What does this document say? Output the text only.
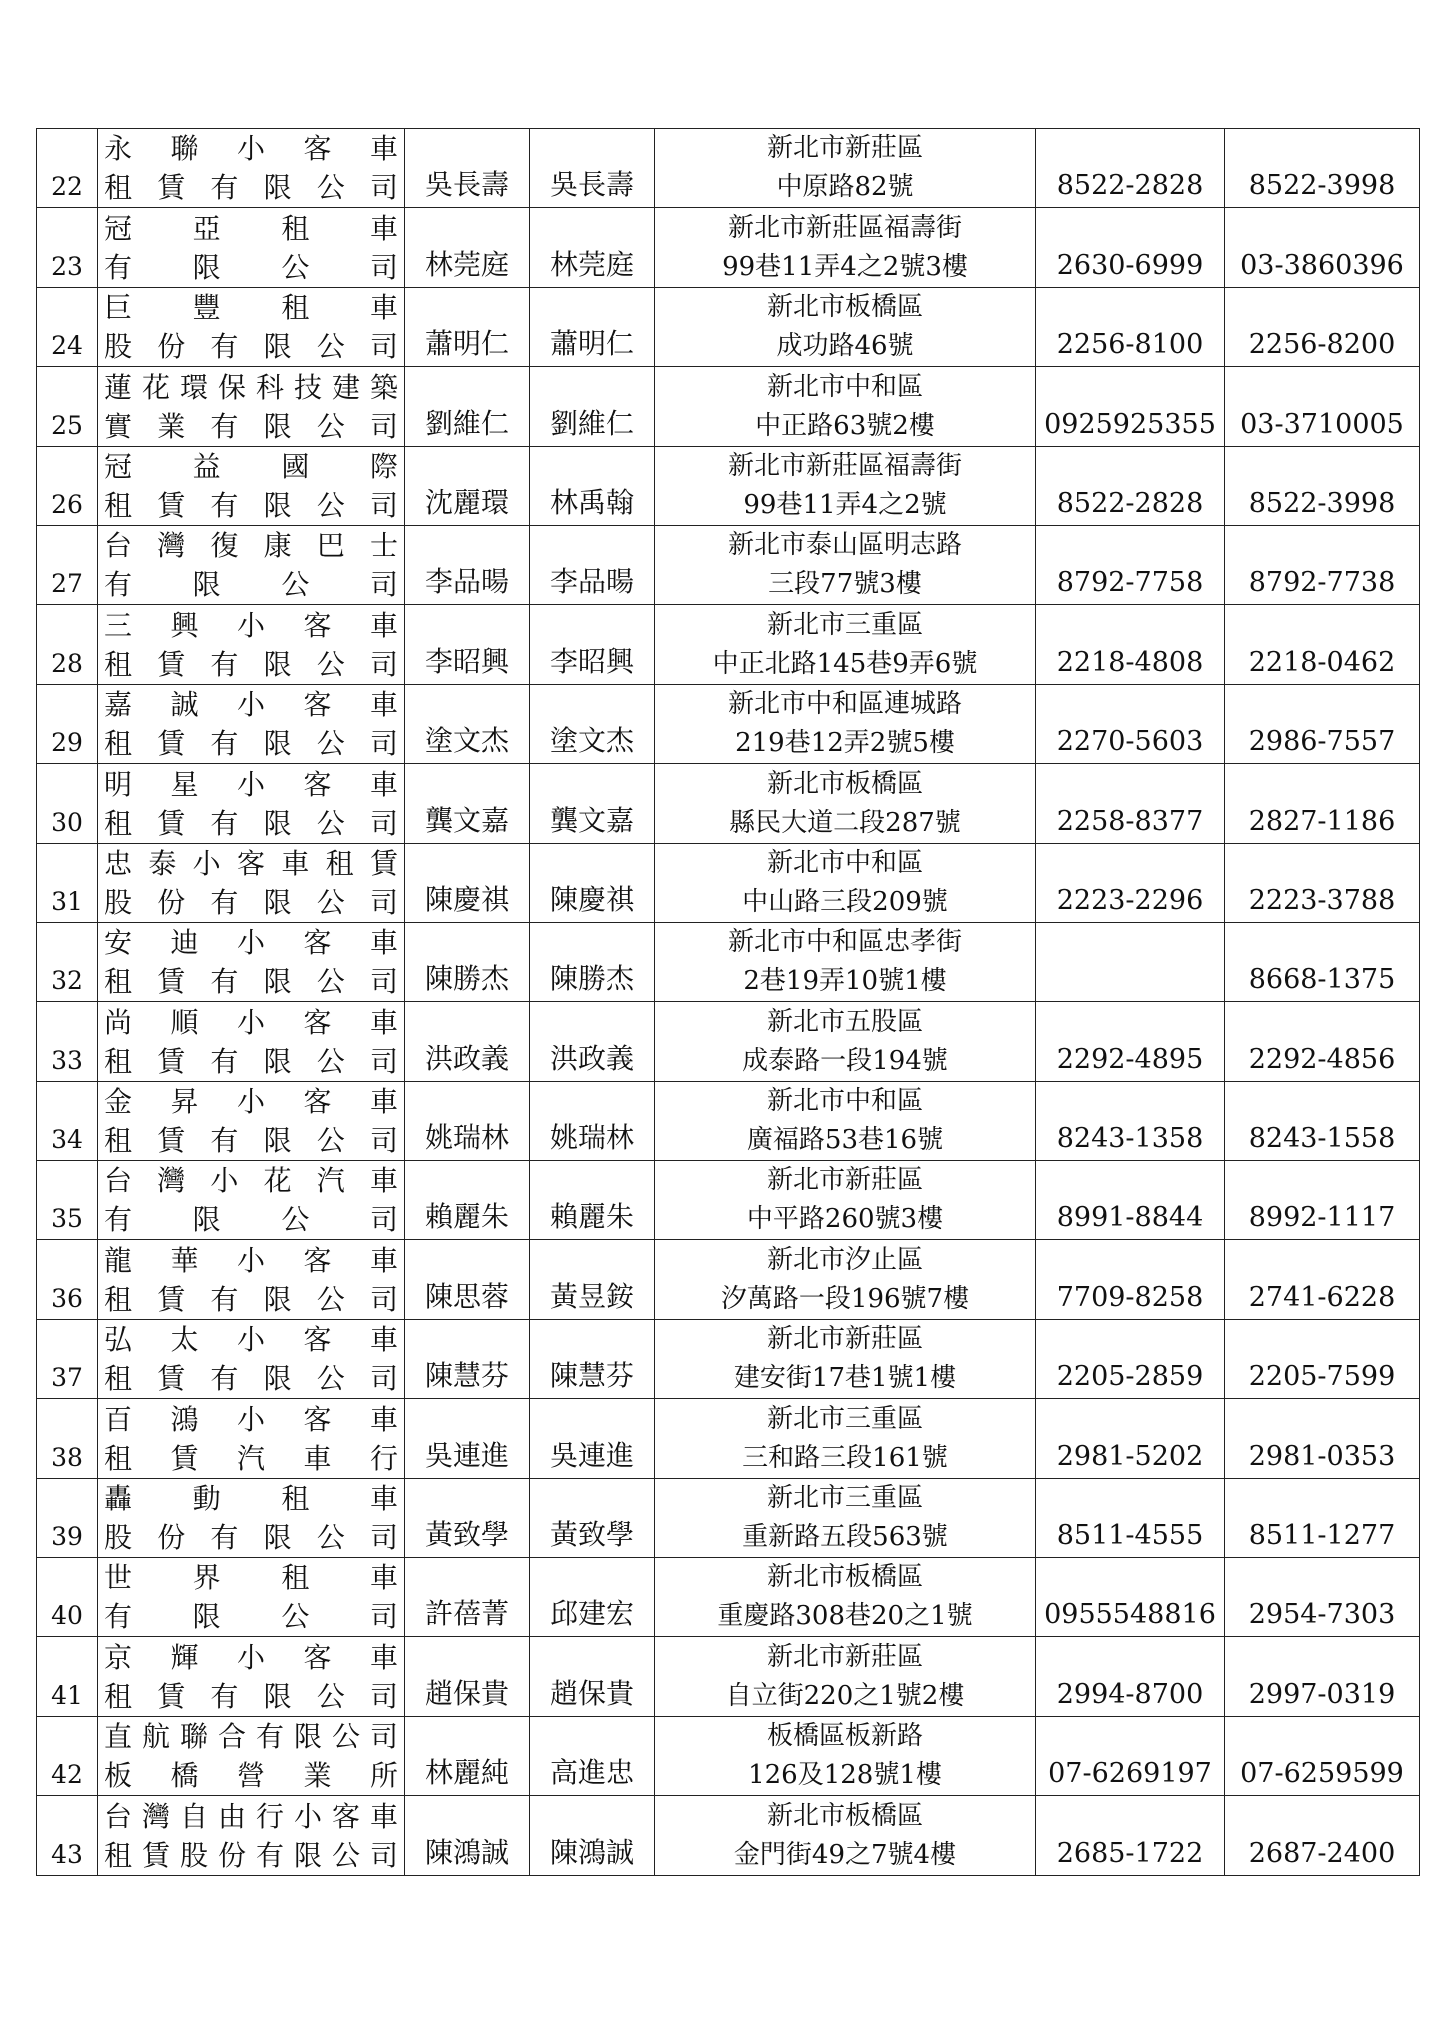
22	永聯小客車
租賃有限公司	吳長壽	吳長壽	新北市新莊區
中原路82號	8522-2828	8522-3998
23	冠亞租車
有限公司	林莞庭	林莞庭	新北市新莊區福壽街
99巷11弄4之2號3樓	2630-6999	03-3860396
24	巨豐租車
股份有限公司	蕭明仁	蕭明仁	新北市板橋區
成功路46號	2256-8100	2256-8200
25	蓮花環保科技建築
實業有限公司	劉維仁	劉維仁	新北市中和區
中正路63號2樓	0925925355	03-3710005
26	冠益國際
租賃有限公司	沈麗環	林禹翰	新北市新莊區福壽街
99巷11弄4之2號	8522-2828	8522-3998
27	台灣復康巴士
有限公司	李品暘	李品暘	新北市泰山區明志路
三段77號3樓	8792-7758	8792-7738
28	三興小客車
租賃有限公司	李昭興	李昭興	新北市三重區
中正北路145巷9弄6號	2218-4808	2218-0462
29	嘉誠小客車
租賃有限公司	塗文杰	塗文杰	新北市中和區連城路
219巷12弄2號5樓	2270-5603	2986-7557
30	明星小客車
租賃有限公司	龔文嘉	龔文嘉	新北市板橋區
縣民大道二段287號	2258-8377	2827-1186
31	忠泰小客車租賃
股份有限公司	陳慶祺	陳慶祺	新北市中和區
中山路三段209號	2223-2296	2223-3788
32	安迪小客車
租賃有限公司	陳勝杰	陳勝杰	新北市中和區忠孝街
2巷19弄10號1樓		8668-1375
33	尚順小客車
租賃有限公司	洪政義	洪政義	新北市五股區
成泰路一段194號	2292-4895	2292-4856
34	金昇小客車
租賃有限公司	姚瑞林	姚瑞林	新北市中和區
廣福路53巷16號	8243-1358	8243-1558
35	台灣小花汽車
有限公司	賴麗朱	賴麗朱	新北市新莊區
中平路260號3樓	8991-8844	8992-1117
36	龍華小客車
租賃有限公司	陳思蓉	黃昱銨	新北市汐止區
汐萬路一段196號7樓	7709-8258	2741-6228
37	弘太小客車
租賃有限公司	陳慧芬	陳慧芬	新北市新莊區
建安街17巷1號1樓	2205-2859	2205-7599
38	百鴻小客車
租賃汽車行	吳連進	吳連進	新北市三重區
三和路三段161號	2981-5202	2981-0353
39	轟動租車
股份有限公司	黃致學	黃致學	新北市三重區
重新路五段563號	8511-4555	8511-1277
40	世界租車
有限公司	許蓓菁	邱建宏	新北市板橋區
重慶路308巷20之1號	0955548816	2954-7303
41	京輝小客車
租賃有限公司	趙保貴	趙保貴	新北市新莊區
自立街220之1號2樓	2994-8700	2997-0319
42	直航聯合有限公司
板橋營業所	林麗純	高進忠	板橋區板新路
126及128號1樓	07-6269197	07-6259599
43	台灣自由行小客車
租賃股份有限公司	陳鴻誠	陳鴻誠	新北市板橋區
金門街49之7號4樓	2685-1722	2687-2400
